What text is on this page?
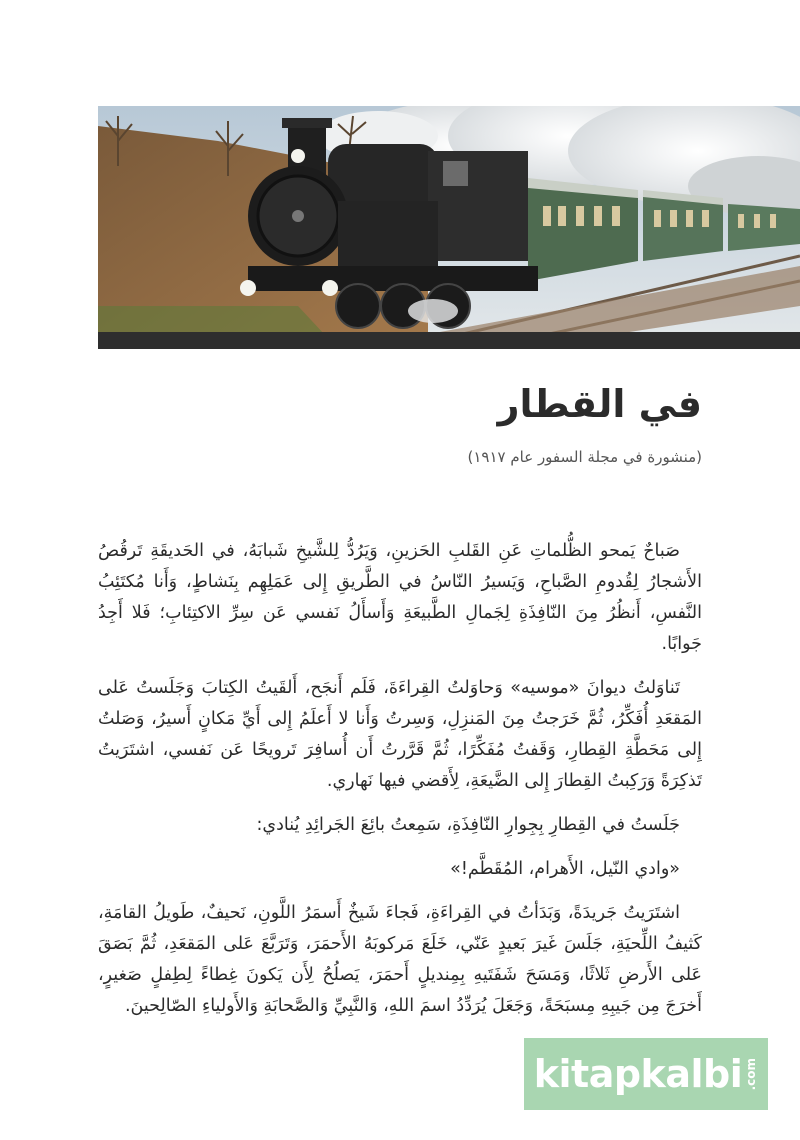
في القطار
(منشورة في مجلة السفور عام ١٩١٧)

صَباحٌ يَمحو الظُّلماتِ عَنِ القَلبِ الحَزينِ، وَيَرُدُّ لِلشَّيخِ شَبابَهُ، في الحَديقَةِ تَرقُصُ الأَشجارُ لِقُدومِ الصَّباحِ، وَيَسيرُ النّاسُ في الطَّريقِ إِلى عَمَلِهِم بِنَشاطٍ، وَأَنا مُكتَئِبُ النَّفسِ، أَنظُرُ مِنَ النّافِذَةِ لِجَمالِ الطَّبيعَةِ وَأَسأَلُ نَفسي عَن سِرِّ الاكتِئابِ؛ فَلا أَجِدُ جَوابًا.

تَناوَلتُ ديوانَ «موسيه» وَحاوَلتُ القِراءَةَ، فَلَم أَنجَح، أَلقَيتُ الكِتابَ وَجَلَستُ عَلى المَقعَدِ أُفَكِّرُ، ثُمَّ خَرَجتُ مِنَ المَنزِلِ، وَسِرتُ وَأَنا لا أَعلَمُ إِلى أَيِّ مَكانٍ أَسيرُ، وَصَلتُ إِلى مَحَطَّةِ القِطارِ، وَقَفتُ مُفَكِّرًا، ثُمَّ قَرَّرتُ أَن أُسافِرَ تَرويحًا عَن نَفسي، اشتَرَيتُ تَذكِرَةً وَرَكِبتُ القِطارَ إِلى الضَّيعَةِ، لِأَقضي فيها نَهاري.

جَلَستُ في القِطارِ بِجِوارِ النّافِذَةِ، سَمِعتُ بائِعَ الجَرائِدِ يُنادي:

«وادي النّيل، الأَهرام، المُقَطَّم!»

اشتَرَيتُ جَريدَةً، وَبَدَأتُ في القِراءَةِ، فَجاءَ شَيخٌ أَسمَرُ اللَّونِ، نَحيفٌ، طَويلُ القامَةِ، كَثيفُ اللِّحيَةِ، جَلَسَ غَيرَ بَعيدٍ عَنّي، خَلَعَ مَركوبَهُ الأَحمَرَ، وَتَرَبَّعَ عَلى المَقعَدِ، ثُمَّ بَصَقَ عَلى الأَرضِ ثَلاثًا، وَمَسَحَ شَفَتَيهِ بِمِنديلٍ أَحمَرَ، يَصلُحُ لِأَن يَكونَ غِطاءً لِطِفلٍ صَغيرٍ، أَخرَجَ مِن جَيبِهِ مِسبَحَةً، وَجَعَلَ يُرَدِّدُ اسمَ اللهِ، وَالنَّبِيِّ وَالصَّحابَةِ وَالأَولياءِ الصّالِحينَ.

kitapkalbi .com
